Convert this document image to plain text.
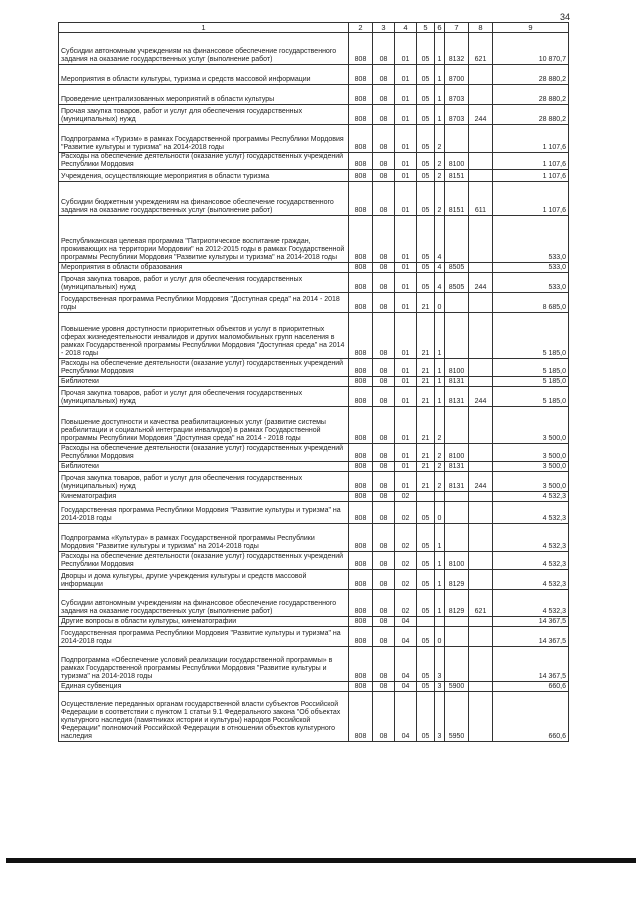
34
1	2	3	4	5	6	7	8	9
Субсидии автономным учреждениям на финансовое обеспечение государственного задания на оказание государственных услуг (выполнение работ)	808	08	01	05	1	8132	621	10 870,7
Мероприятия в области культуры, туризма и средств массовой информации	808	08	01	05	1	8700		28 880,2
Проведение централизованных мероприятий в области культуры	808	08	01	05	1	8703		28 880,2
Прочая закупка товаров, работ и услуг для обеспечения государственных (муниципальных) нужд	808	08	01	05	1	8703	244	28 880,2
Подпрограмма «Туризм» в рамках Государственной программы Республики Мордовия "Развитие культуры и туризма" на 2014-2018 годы	808	08	01	05	2			1 107,6
Расходы на обеспечение деятельности (оказание услуг) государственных учреждений Республики Мордовия	808	08	01	05	2	8100		1 107,6
Учреждения, осуществляющие мероприятия в области туризма	808	08	01	05	2	8151		1 107,6
Субсидии бюджетным учреждениям на финансовое обеспечение государственного задания на оказание государственных услуг (выполнение работ)	808	08	01	05	2	8151	611	1 107,6
Республиканская целевая программа "Патриотическое воспитание граждан, проживающих на территории Мордовии" на 2012-2015 годы в рамках Государственной программы Республики Мордовия "Развитие культуры и туризма" на 2014-2018 годы	808	08	01	05	4			533,0
Мероприятия в области образования	808	08	01	05	4	8505		533,0
Прочая закупка товаров, работ и услуг для обеспечения государственных (муниципальных) нужд	808	08	01	05	4	8505	244	533,0
Государственная программа Республики Мордовия "Доступная среда" на 2014 - 2018 годы	808	08	01	21	0			8 685,0
Повышение уровня доступности приоритетных объектов и услуг в приоритетных сферах жизнедеятельности инвалидов и других маломобильных групп населения в рамках Государственной программы Республики Мордовия "Доступная среда" на 2014 - 2018 годы	808	08	01	21	1			5 185,0
Расходы на обеспечение деятельности (оказание услуг) государственных учреждений Республики Мордовия	808	08	01	21	1	8100		5 185,0
Библиотеки	808	08	01	21	1	8131		5 185,0
Прочая закупка товаров, работ и услуг для обеспечения государственных (муниципальных) нужд	808	08	01	21	1	8131	244	5 185,0
Повышение доступности и качества реабилитационных услуг (развитие системы реабилитации и социальной интеграции инвалидов) в рамках Государственной программы Республики Мордовия "Доступная среда" на 2014 - 2018 годы	808	08	01	21	2			3 500,0
Расходы на обеспечение деятельности (оказание услуг) государственных учреждений Республики Мордовия	808	08	01	21	2	8100		3 500,0
Библиотеки	808	08	01	21	2	8131		3 500,0
Прочая закупка товаров, работ и услуг для обеспечения государственных (муниципальных) нужд	808	08	01	21	2	8131	244	3 500,0
Кинематография	808	08	02					4 532,3
Государственная программа Республики Мордовия "Развитие культуры и туризма" на 2014-2018 годы	808	08	02	05	0			4 532,3
Подпрограмма «Культура» в рамках Государственной программы Республики Мордовия "Развитие культуры и туризма" на 2014-2018 годы	808	08	02	05	1			4 532,3
Расходы на обеспечение деятельности (оказание услуг) государственных учреждений Республики Мордовия	808	08	02	05	1	8100		4 532,3
Дворцы и дома культуры, другие учреждения культуры и средств массовой информации	808	08	02	05	1	8129		4 532,3
Субсидии автономным учреждениям на финансовое обеспечение государственного задания на оказание государственных услуг (выполнение работ)	808	08	02	05	1	8129	621	4 532,3
Другие вопросы в области культуры, кинематографии	808	08	04					14 367,5
Государственная программа Республики Мордовия "Развитие культуры и туризма" на 2014-2018 годы	808	08	04	05	0			14 367,5
Подпрограмма «Обеспечение условий реализации государственной программы» в рамках Государственной программы Республики Мордовия "Развитие культуры и туризма" на 2014-2018 годы	808	08	04	05	3			14 367,5
Единая субвенция	808	08	04	05	3	5900		660,6
Осуществление переданных органам государственной власти субъектов Российской Федерации в соответствии с пунктом 1 статьи 9.1 Федерального закона "Об объектах культурного наследия (памятниках истории и культуры) народов Российской Федерации" полномочий Российской Федерации в отношении объектов культурного наследия	808	08	04	05	3	5950		660,6
